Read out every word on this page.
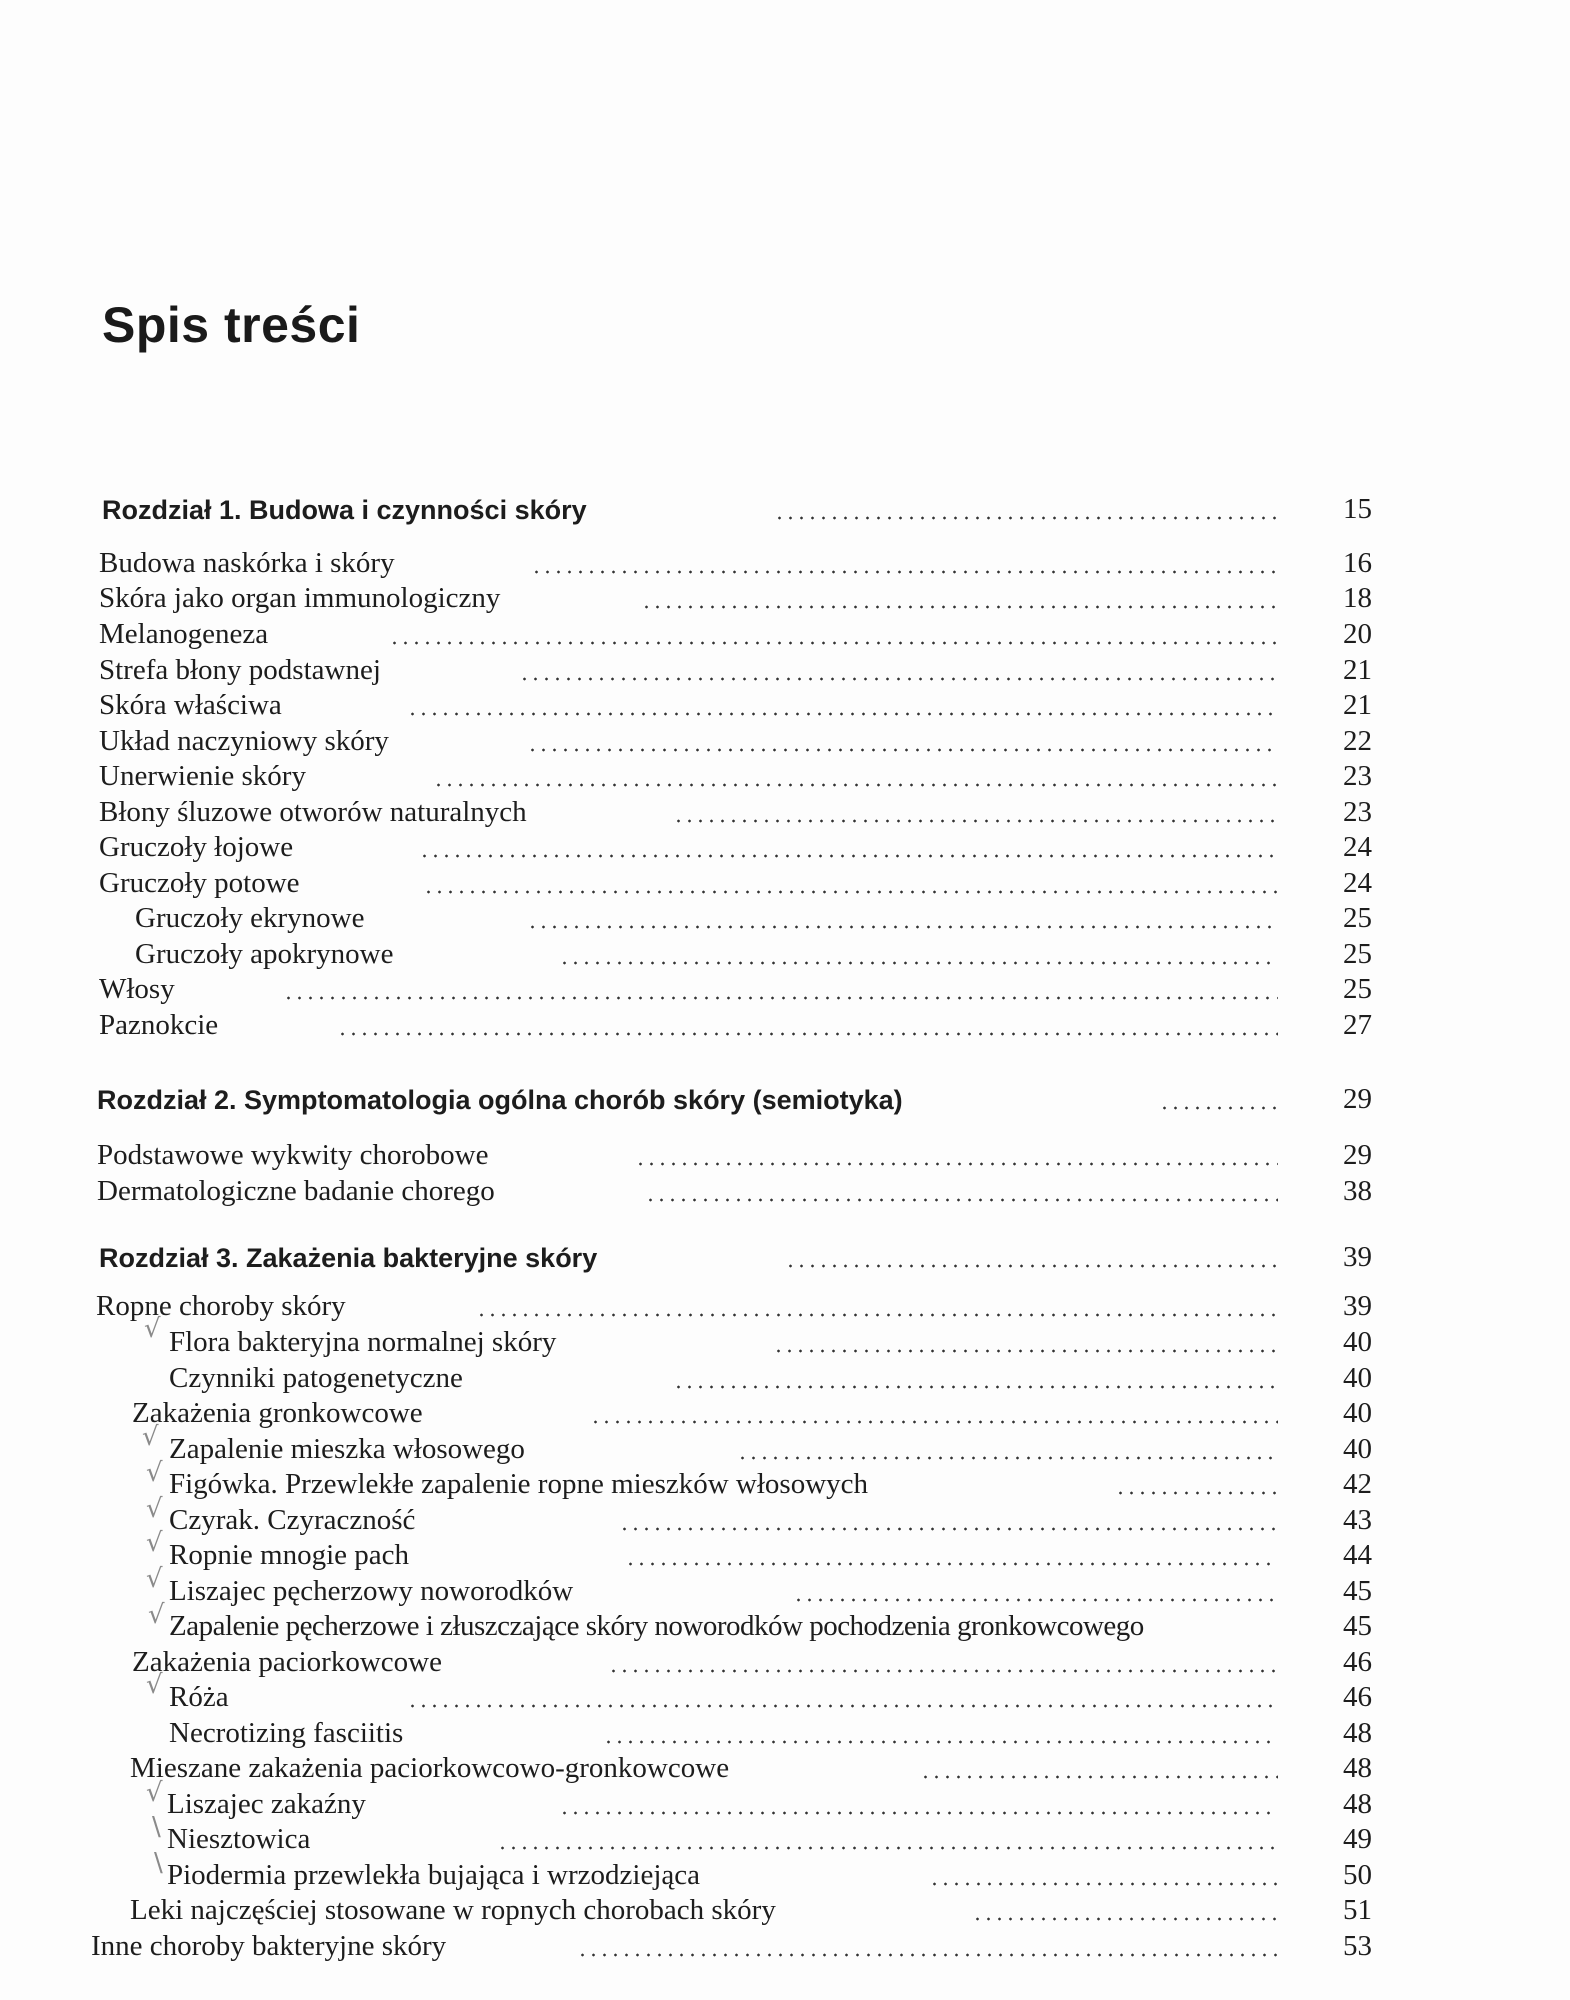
Spis treści
Rozdział 1. Budowa i czynności skóry	15
Budowa naskórka i skóry	16
Skóra jako organ immunologiczny	18
Melanogeneza	20
Strefa błony podstawnej	21
Skóra właściwa	21
Układ naczyniowy skóry	22
Unerwienie skóry	23
Błony śluzowe otworów naturalnych	23
Gruczoły łojowe	24
Gruczoły potowe	24
Gruczoły ekrynowe	25
Gruczoły apokrynowe	25
Włosy	25
Paznokcie	27
Rozdział 2. Symptomatologia ogólna chorób skóry (semiotyka)	29
Podstawowe wykwity chorobowe	29
Dermatologiczne badanie chorego	38
Rozdział 3. Zakażenia bakteryjne skóry	39
Ropne choroby skóry	39
Flora bakteryjna normalnej skóry	40
Czynniki patogenetyczne	40
Zakażenia gronkowcowe	40
Zapalenie mieszka włosowego	40
Figówka. Przewlekłe zapalenie ropne mieszków włosowych	42
Czyrak. Czyraczność	43
Ropnie mnogie pach	44
Liszajec pęcherzowy noworodków	45
Zapalenie pęcherzowe i złuszczające skóry noworodków pochodzenia gronkowcowego	45
Zakażenia paciorkowcowe	46
Róża	46
Necrotizing fasciitis	48
Mieszane zakażenia paciorkowcowo-gronkowcowe	48
Liszajec zakaźny	48
Niesztowica	49
Piodermia przewlekła bujająca i wrzodziejąca	50
Leki najczęściej stosowane w ropnych chorobach skóry	51
Inne choroby bakteryjne skóry	53
√
√
√
√
√
√
√
√
√
\
\
